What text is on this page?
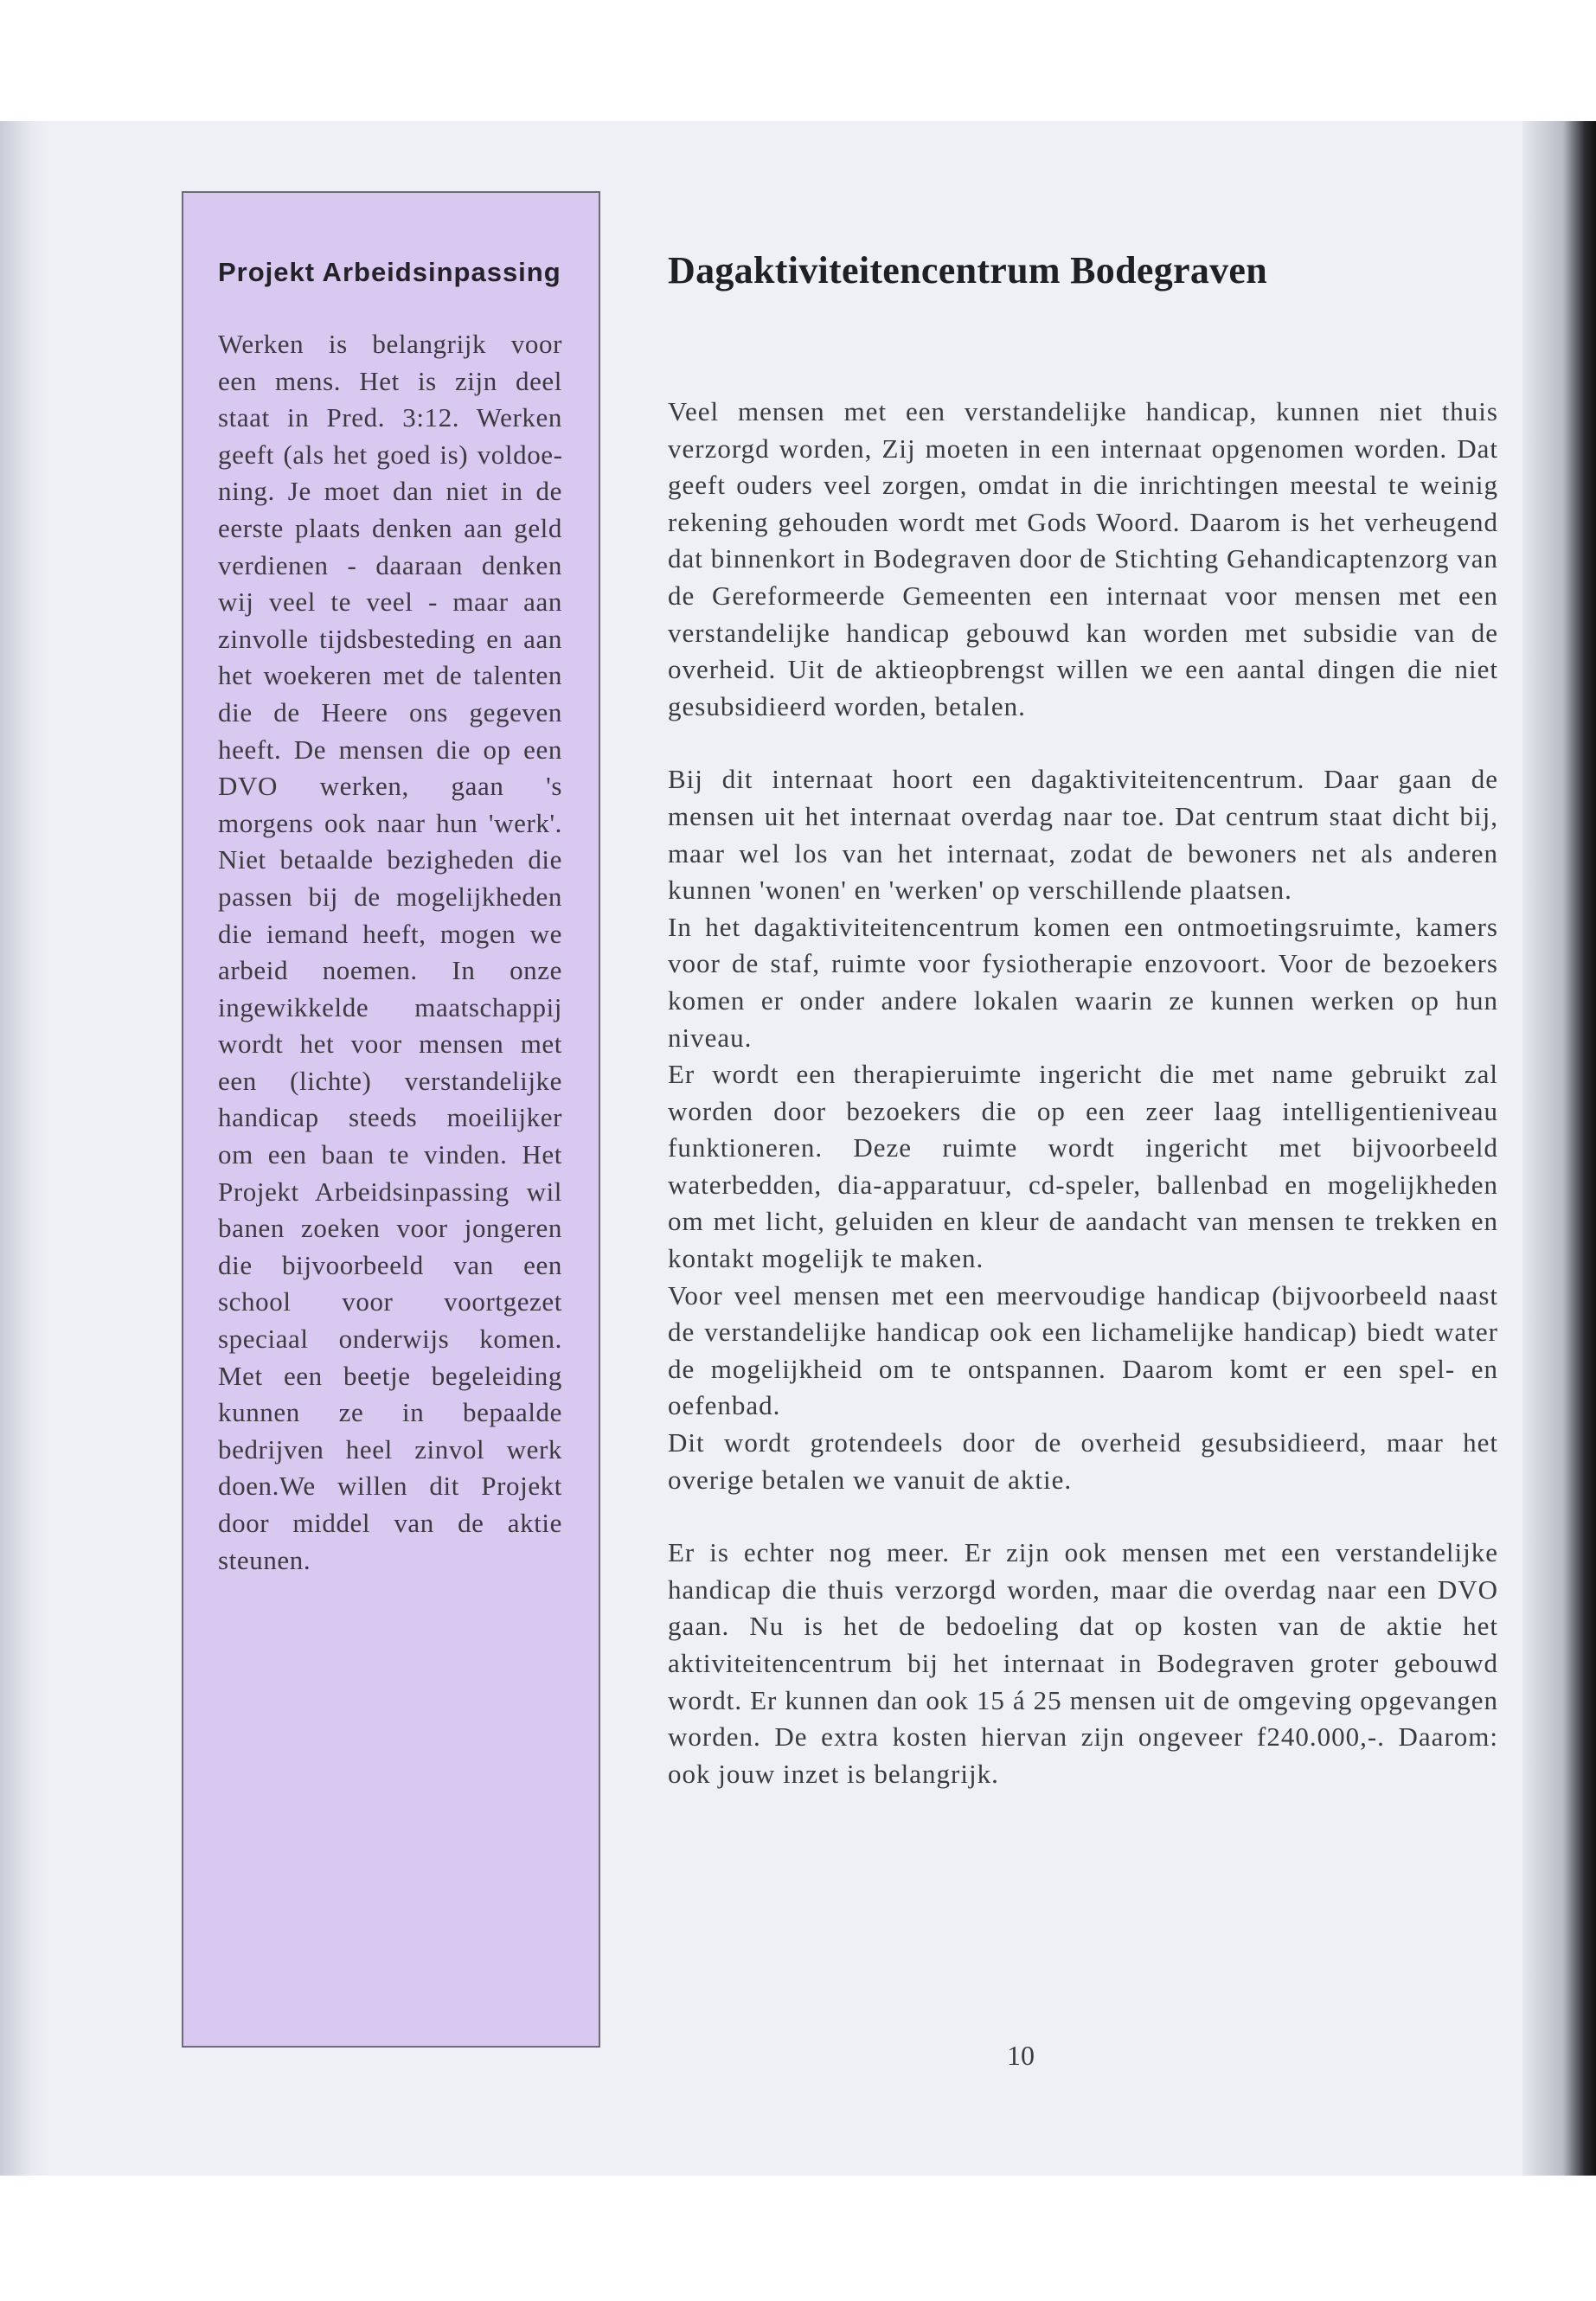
Projekt Arbeidsinpassing

Werken is belangrijk voor een mens. Het is zijn deel staat in Pred. 3:12. Werken geeft (als het goed is) voldoening. Je moet dan niet in de eerste plaats denken aan geld verdienen - daaraan denken wij veel te veel - maar aan zinvolle tijdsbesteding en aan het woekeren met de talenten die de Heere ons gegeven heeft. De mensen die op een DVO werken, gaan 's morgens ook naar hun 'werk'. Niet betaalde bezigheden die passen bij de mogelijkheden die iemand heeft, mogen we arbeid noemen. In onze ingewikkelde maatschappij wordt het voor mensen met een (lichte) verstandelijke handicap steeds moeilijker om een baan te vinden. Het Projekt Arbeidsinpassing wil banen zoeken voor jongeren die bijvoorbeeld van een school voor voortgezet speciaal onderwijs komen. Met een beetje begeleiding kunnen ze in bepaalde bedrijven heel zinvol werk doen.We willen dit Projekt door middel van de aktie steunen.

Dagaktiviteitencentrum Bodegraven

Veel mensen met een verstandelijke handicap, kunnen niet thuis verzorgd worden, Zij moeten in een internaat opgenomen worden. Dat geeft ouders veel zorgen, omdat in die inrichtingen meestal te weinig rekening gehouden wordt met Gods Woord. Daarom is het verheugend dat binnenkort in Bodegraven door de Stichting Gehandicaptenzorg van de Gereformeerde Gemeenten een internaat voor mensen met een verstandelijke handicap gebouwd kan worden met subsidie van de overheid. Uit de aktieopbrengst willen we een aantal dingen die niet gesubsidieerd worden, betalen.

Bij dit internaat hoort een dagaktiviteitencentrum. Daar gaan de mensen uit het internaat overdag naar toe. Dat centrum staat dicht bij, maar wel los van het internaat, zodat de bewoners net als anderen kunnen 'wonen' en 'werken' op verschillende plaatsen.

In het dagaktiviteitencentrum komen een ontmoetingsruimte, kamers voor de staf, ruimte voor fysiotherapie enzovoort. Voor de bezoekers komen er onder andere lokalen waarin ze kunnen werken op hun niveau.

Er wordt een therapieruimte ingericht die met name gebruikt zal worden door bezoekers die op een zeer laag intelligentieniveau funktioneren. Deze ruimte wordt ingericht met bijvoorbeeld waterbedden, dia-apparatuur, cd-speler, ballenbad en mogelijkheden om met licht, geluiden en kleur de aandacht van mensen te trekken en kontakt mogelijk te maken.

Voor veel mensen met een meervoudige handicap (bijvoorbeeld naast de verstandelijke handicap ook een lichamelijke handicap) biedt water de mogelijkheid om te ontspannen. Daarom komt er een spel- en oefenbad.

Dit wordt grotendeels door de overheid gesubsidieerd, maar het overige betalen we vanuit de aktie.

Er is echter nog meer. Er zijn ook mensen met een verstandelijke handicap die thuis verzorgd worden, maar die overdag naar een DVO gaan. Nu is het de bedoeling dat op kosten van de aktie het aktiviteitencentrum bij het internaat in Bodegraven groter gebouwd wordt. Er kunnen dan ook 15 á 25 mensen uit de omgeving opgevangen worden. De extra kosten hiervan zijn ongeveer f240.000,-. Daarom: ook jouw inzet is belangrijk.

10
